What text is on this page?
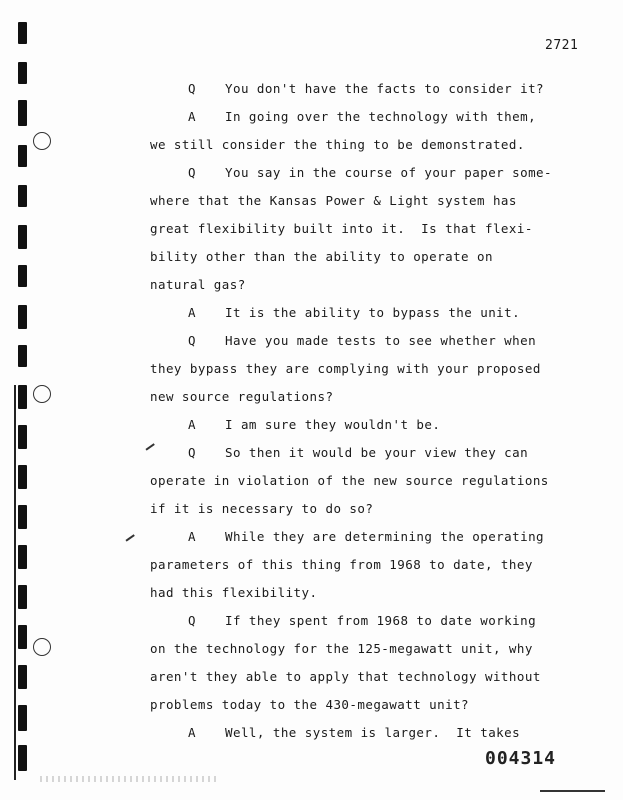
2721

Q You don't have the facts to consider it?
A In going over the technology with them,
we still consider the thing to be demonstrated.
Q You say in the course of your paper some-
where that the Kansas Power & Light system has
great flexibility built into it.  Is that flexi-
bility other than the ability to operate on
natural gas?
A It is the ability to bypass the unit.
Q Have you made tests to see whether when
they bypass they are complying with your proposed
new source regulations?
A I am sure they wouldn't be.
Q So then it would be your view they can
operate in violation of the new source regulations
if it is necessary to do so?
A While they are determining the operating
parameters of this thing from 1968 to date, they
had this flexibility.
Q If they spent from 1968 to date working
on the technology for the 125-megawatt unit, why
aren't they able to apply that technology without
problems today to the 430-megawatt unit?
A Well, the system is larger.  It takes

004314
